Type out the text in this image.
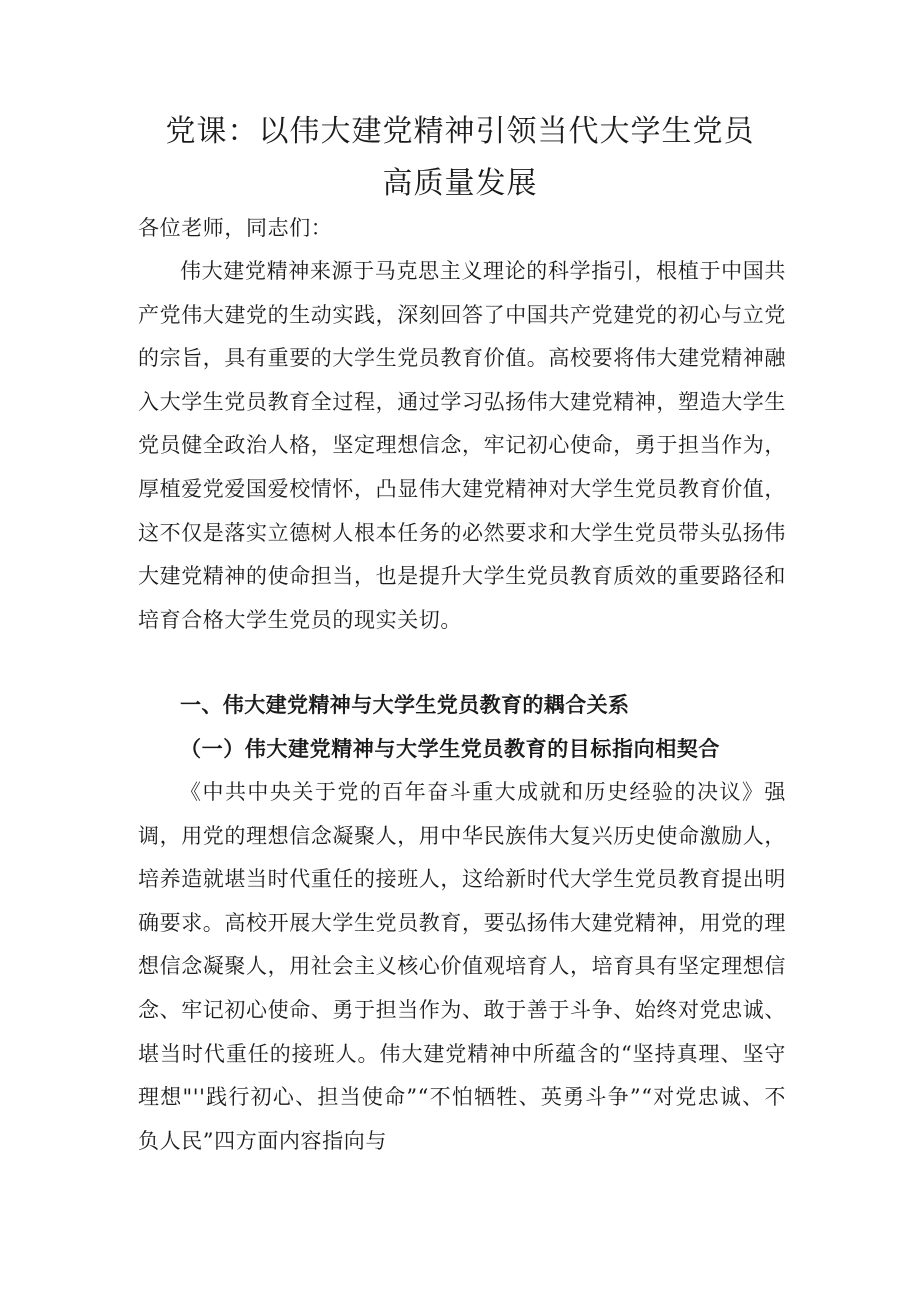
党课：以伟大建党精神引领当代大学生党员
高质量发展

各位老师，同志们：

伟大建党精神来源于马克思主义理论的科学指引，根植于中国共产党伟大建党的生动实践，深刻回答了中国共产党建党的初心与立党的宗旨，具有重要的大学生党员教育价值。高校要将伟大建党精神融入大学生党员教育全过程，通过学习弘扬伟大建党精神，塑造大学生党员健全政治人格，坚定理想信念，牢记初心使命，勇于担当作为，厚植爱党爱国爱校情怀，凸显伟大建党精神对大学生党员教育价值，这不仅是落实立德树人根本任务的必然要求和大学生党员带头弘扬伟大建党精神的使命担当，也是提升大学生党员教育质效的重要路径和培育合格大学生党员的现实关切。

一、伟大建党精神与大学生党员教育的耦合关系
（一）伟大建党精神与大学生党员教育的目标指向相契合

《中共中央关于党的百年奋斗重大成就和历史经验的决议》强调，用党的理想信念凝聚人，用中华民族伟大复兴历史使命激励人，培养造就堪当时代重任的接班人，这给新时代大学生党员教育提出明确要求。高校开展大学生党员教育，要弘扬伟大建党精神，用党的理想信念凝聚人，用社会主义核心价值观培育人，培育具有坚定理想信念、牢记初心使命、勇于担当作为、敢于善于斗争、始终对党忠诚、堪当时代重任的接班人。伟大建党精神中所蕴含的“坚持真理、坚守理想"''践行初心、担当使命”“不怕牺牲、英勇斗争”“对党忠诚、不负人民”四方面内容指向与
